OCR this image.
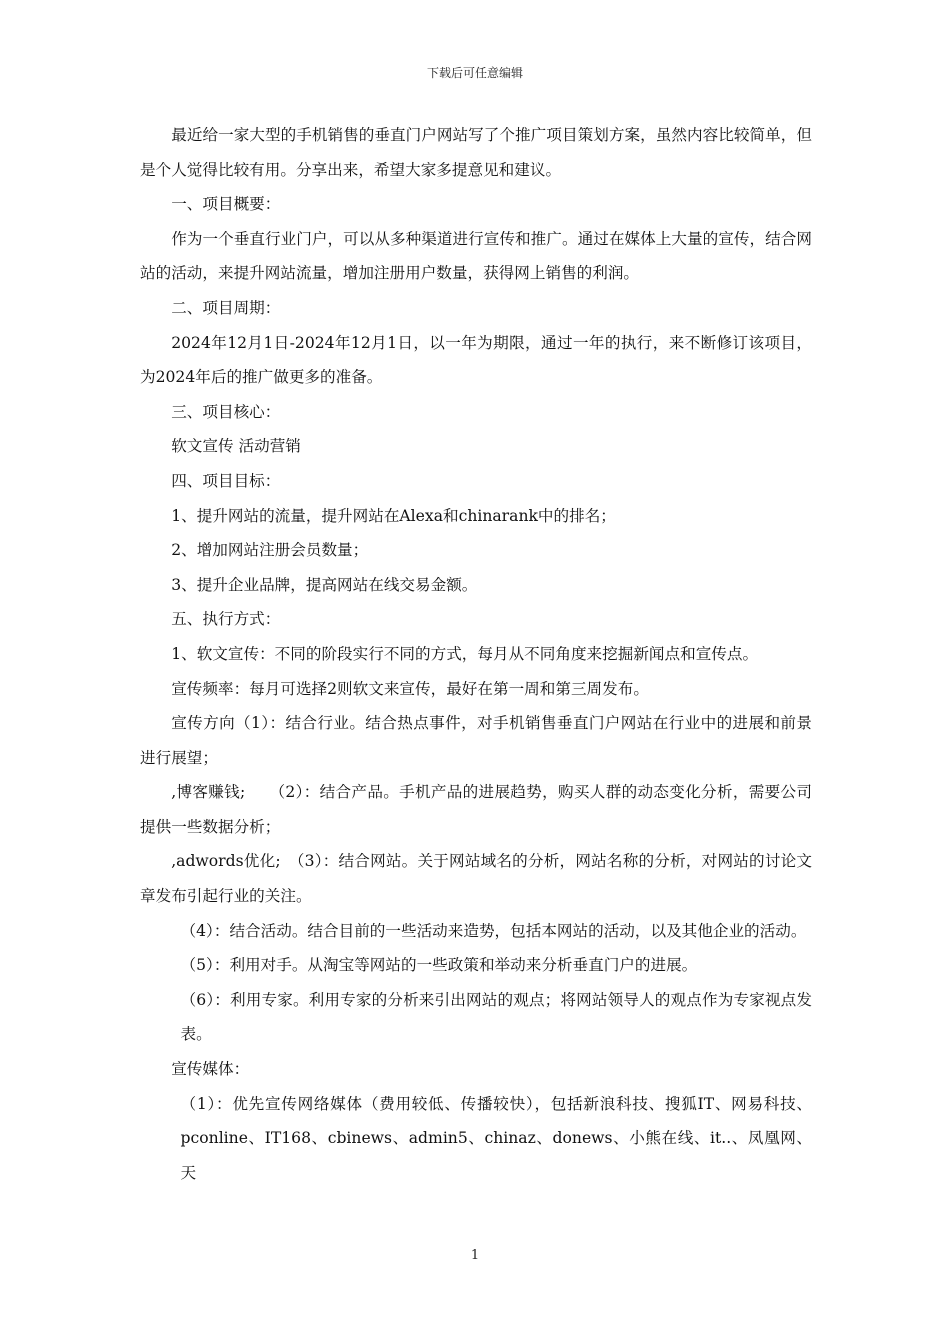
下载后可任意编辑

最近给一家大型的手机销售的垂直门户网站写了个推广项目策划方案，虽然内容比较简单，但是个人觉得比较有用。分享出来，希望大家多提意见和建议。

一、项目概要：

作为一个垂直行业门户，可以从多种渠道进行宣传和推广。通过在媒体上大量的宣传，结合网站的活动，来提升网站流量，增加注册用户数量，获得网上销售的利润。

二、项目周期：

2024年12月1日-2024年12月1日，以一年为期限，通过一年的执行，来不断修订该项目，为2024年后的推广做更多的准备。

三、项目核心：

软文宣传 活动营销

四、项目目标：

1、提升网站的流量，提升网站在Alexa和chinarank中的排名；

2、增加网站注册会员数量；

3、提升企业品牌，提高网站在线交易金额。

五、执行方式：

1、软文宣传：不同的阶段实行不同的方式，每月从不同角度来挖掘新闻点和宣传点。

宣传频率：每月可选择2则软文来宣传，最好在第一周和第三周发布。

宣传方向（1）：结合行业。结合热点事件，对手机销售垂直门户网站在行业中的进展和前景进行展望；

,博客赚钱;　　（2）：结合产品。手机产品的进展趋势，购买人群的动态变化分析，需要公司提供一些数据分析；

,adwords优化;　（3）：结合网站。关于网站域名的分析，网站名称的分析，对网站的讨论文章发布引起行业的关注。

（4）：结合活动。结合目前的一些活动来造势，包括本网站的活动，以及其他企业的活动。

（5）：利用对手。从淘宝等网站的一些政策和举动来分析垂直门户的进展。

（6）：利用专家。利用专家的分析来引出网站的观点；将网站领导人的观点作为专家视点发表。

宣传媒体：

（1）：优先宣传网络媒体（费用较低、传播较快），包括新浪科技、搜狐IT、网易科技、pconline、IT168、cbinews、admin5、chinaz、donews、小熊在线、it..、凤凰网、天

1
